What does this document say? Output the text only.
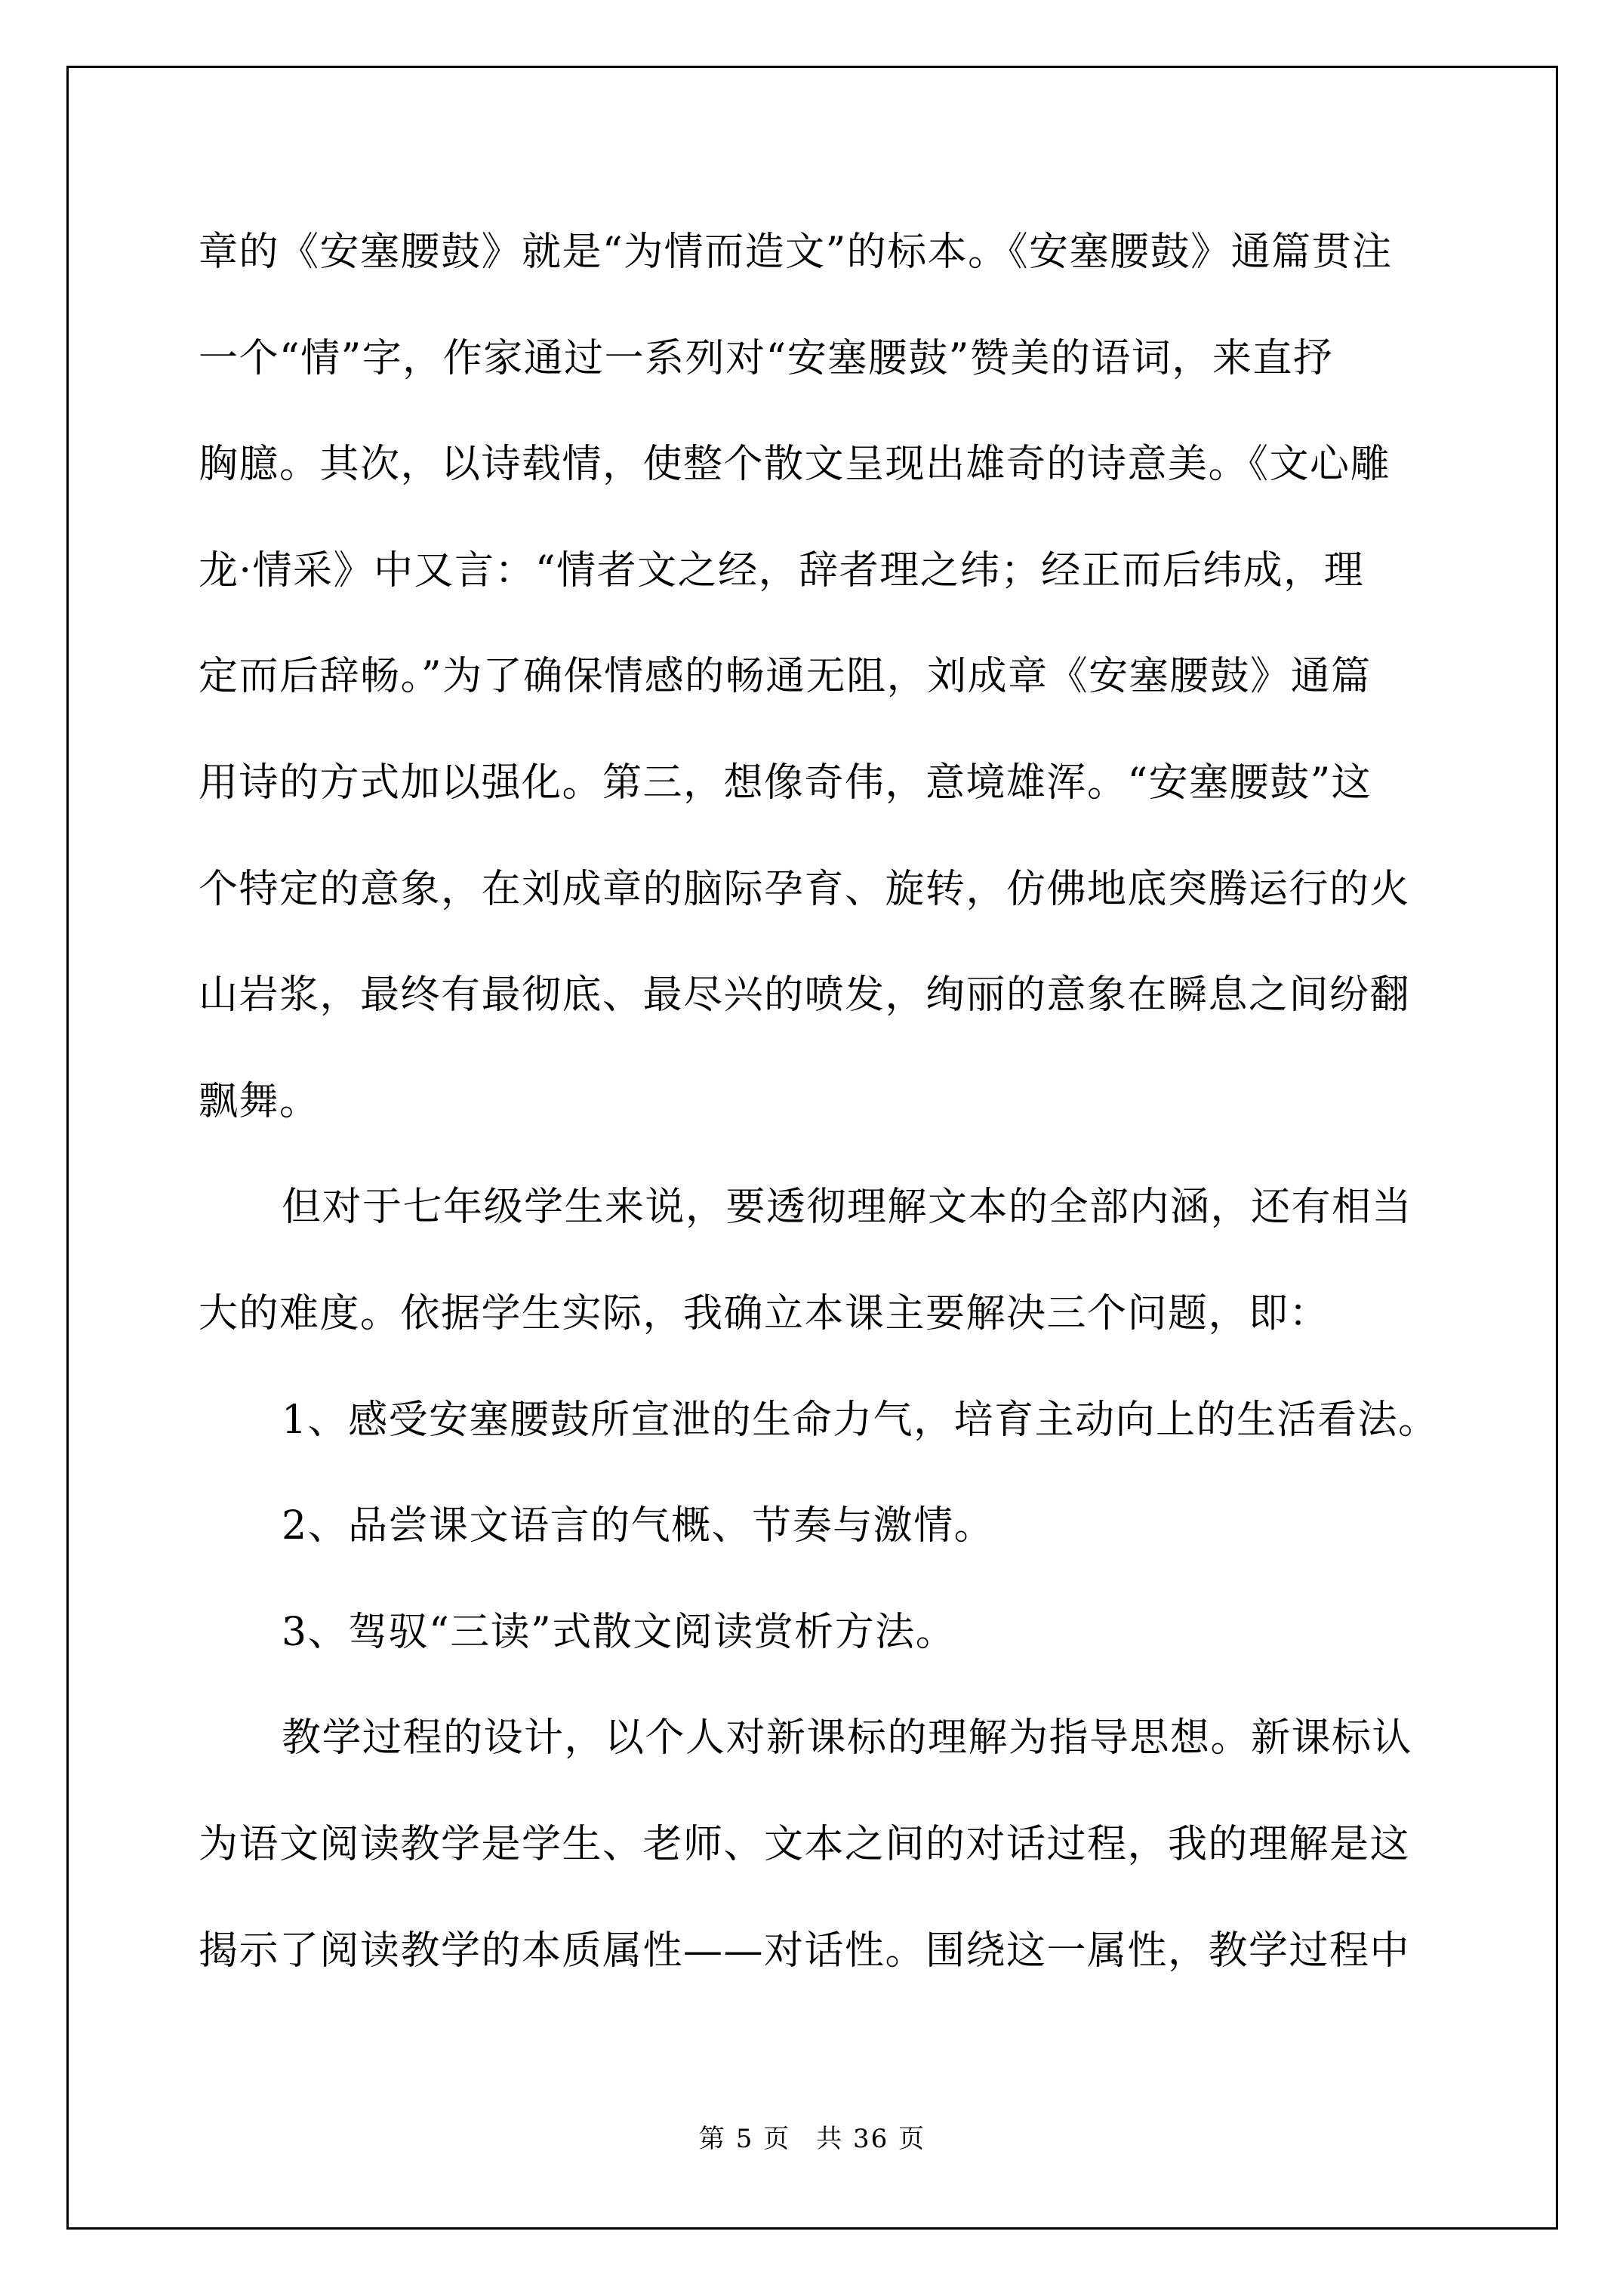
章的《安塞腰鼓》就是“为情而造文”的标本。《安塞腰鼓》通篇贯注
一个“情”字，作家通过一系列对“安塞腰鼓”赞美的语词，来直抒
胸臆。其次，以诗载情，使整个散文呈现出雄奇的诗意美。《文心雕
龙·情采》中又言：“情者文之经，辞者理之纬；经正而后纬成，理
定而后辞畅。”为了确保情感的畅通无阻，刘成章《安塞腰鼓》通篇
用诗的方式加以强化。第三，想像奇伟，意境雄浑。“安塞腰鼓”这
个特定的意象，在刘成章的脑际孕育、旋转，仿佛地底突腾运行的火
山岩浆，最终有最彻底、最尽兴的喷发，绚丽的意象在瞬息之间纷翻
飘舞。
但对于七年级学生来说，要透彻理解文本的全部内涵，还有相当
大的难度。依据学生实际，我确立本课主要解决三个问题，即：
1、感受安塞腰鼓所宣泄的生命力气，培育主动向上的生活看法。
2、品尝课文语言的气概、节奏与激情。
3、驾驭“三读”式散文阅读赏析方法。
教学过程的设计，以个人对新课标的理解为指导思想。新课标认
为语文阅读教学是学生、老师、文本之间的对话过程，我的理解是这
揭示了阅读教学的本质属性——对话性。围绕这一属性，教学过程中
第 5 页 共 36 页
